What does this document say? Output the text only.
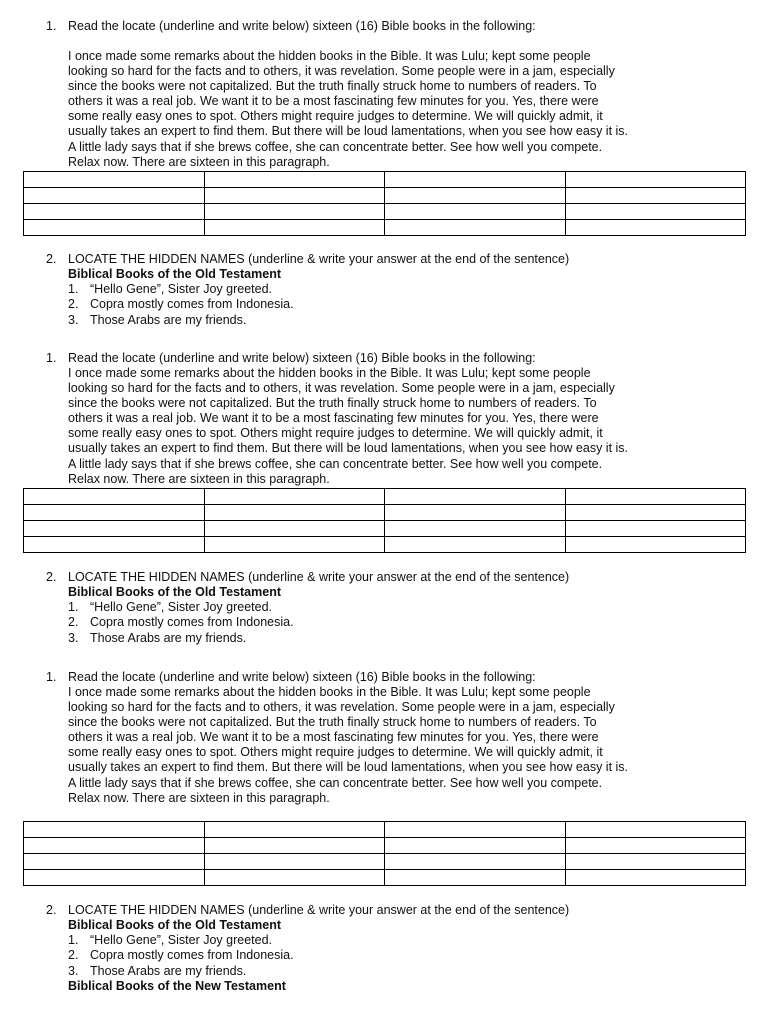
1. Read the locate (underline and write below) sixteen (16) Bible books in the following:
I once made some remarks about the hidden books in the Bible. It was Lulu; kept some people
looking so hard for the facts and to others, it was revelation. Some people were in a jam, especially
since the books were not capitalized. But the truth finally struck home to numbers of readers. To
others it was a real job. We want it to be a most fascinating few minutes for you. Yes, there were
some really easy ones to spot. Others might require judges to determine. We will quickly admit, it
usually takes an expert to find them. But there will be loud lamentations, when you see how easy it is.
A little lady says that if she brews coffee, she can concentrate better. See how well you compete.
Relax now. There are sixteen in this paragraph.

2. LOCATE THE HIDDEN NAMES (underline & write your answer at the end of the sentence)
Biblical Books of the Old Testament
1. “Hello Gene”, Sister Joy greeted.
2. Copra mostly comes from Indonesia.
3. Those Arabs are my friends.
1. Read the locate (underline and write below) sixteen (16) Bible books in the following:
I once made some remarks about the hidden books in the Bible. It was Lulu; kept some people
looking so hard for the facts and to others, it was revelation. Some people were in a jam, especially
since the books were not capitalized. But the truth finally struck home to numbers of readers. To
others it was a real job. We want it to be a most fascinating few minutes for you. Yes, there were
some really easy ones to spot. Others might require judges to determine. We will quickly admit, it
usually takes an expert to find them. But there will be loud lamentations, when you see how easy it is.
A little lady says that if she brews coffee, she can concentrate better. See how well you compete.
Relax now. There are sixteen in this paragraph.

2. LOCATE THE HIDDEN NAMES (underline & write your answer at the end of the sentence)
Biblical Books of the Old Testament
1. “Hello Gene”, Sister Joy greeted.
2. Copra mostly comes from Indonesia.
3. Those Arabs are my friends.
1. Read the locate (underline and write below) sixteen (16) Bible books in the following:
I once made some remarks about the hidden books in the Bible. It was Lulu; kept some people
looking so hard for the facts and to others, it was revelation. Some people were in a jam, especially
since the books were not capitalized. But the truth finally struck home to numbers of readers. To
others it was a real job. We want it to be a most fascinating few minutes for you. Yes, there were
some really easy ones to spot. Others might require judges to determine. We will quickly admit, it
usually takes an expert to find them. But there will be loud lamentations, when you see how easy it is.
A little lady says that if she brews coffee, she can concentrate better. See how well you compete.
Relax now. There are sixteen in this paragraph.

2. LOCATE THE HIDDEN NAMES (underline & write your answer at the end of the sentence)
Biblical Books of the Old Testament
1. “Hello Gene”, Sister Joy greeted.
2. Copra mostly comes from Indonesia.
3. Those Arabs are my friends.
Biblical Books of the New Testament
